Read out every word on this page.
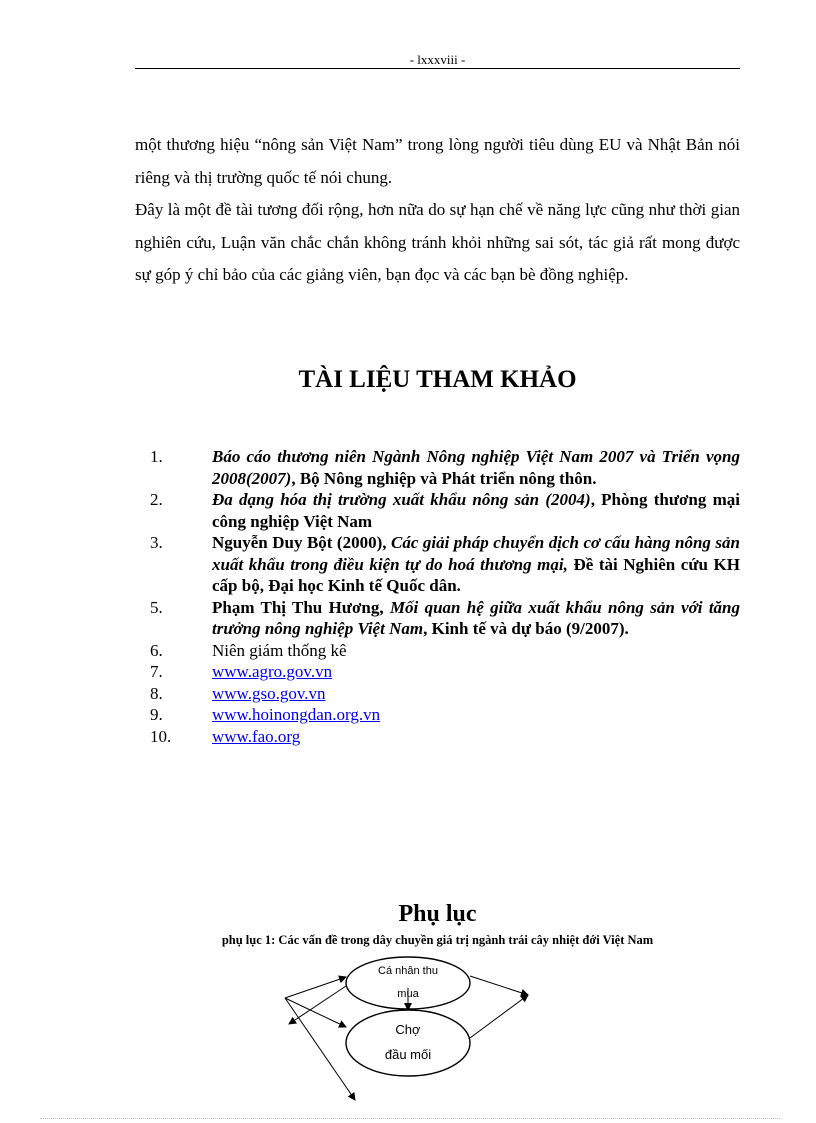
- lxxxviii -

một thương hiệu “nông sản Việt Nam” trong lòng người tiêu dùng EU và Nhật Bản nói riêng và thị trường quốc tế nói chung.

Đây là một đề tài tương đối rộng, hơn nữa do sự hạn chế về năng lực cũng như thời gian nghiên cứu, Luận văn chắc chắn không tránh khỏi những sai sót, tác giả rất mong được sự góp ý chỉ bảo của các giảng viên, bạn đọc và các bạn bè đồng nghiệp.

TÀI LIỆU THAM KHẢO
1.	Báo cáo thương niên Ngành Nông nghiệp Việt Nam 2007 và Triển vọng 2008(2007), Bộ Nông nghiệp và Phát triển nông thôn.
2.	Đa dạng hóa thị trường xuất khẩu nông sản (2004), Phòng thương mại công nghiệp Việt Nam
3.	Nguyễn Duy Bột (2000), Các giải pháp chuyển dịch cơ cấu hàng nông sản xuất khẩu trong điều kiện tự do hoá thương mại, Đề tài Nghiên cứu KH cấp bộ, Đại học Kinh tế Quốc dân.
5.	Phạm Thị Thu Hương, Mối quan hệ giữa xuất khẩu nông sản với tăng trưởng nông nghiệp Việt Nam, Kinh tế và dự báo (9/2007).
6.	Niên giám thống kê
7.	www.agro.gov.vn
8.	www.gso.gov.vn
9.	www.hoinongdan.org.vn
10.	www.fao.org
Phụ lục
phụ lục 1: Các vấn đề trong dây chuyền giá trị ngành trái cây nhiệt đới Việt Nam
Cá nhân thu
mua
Chợ
đầu mối
